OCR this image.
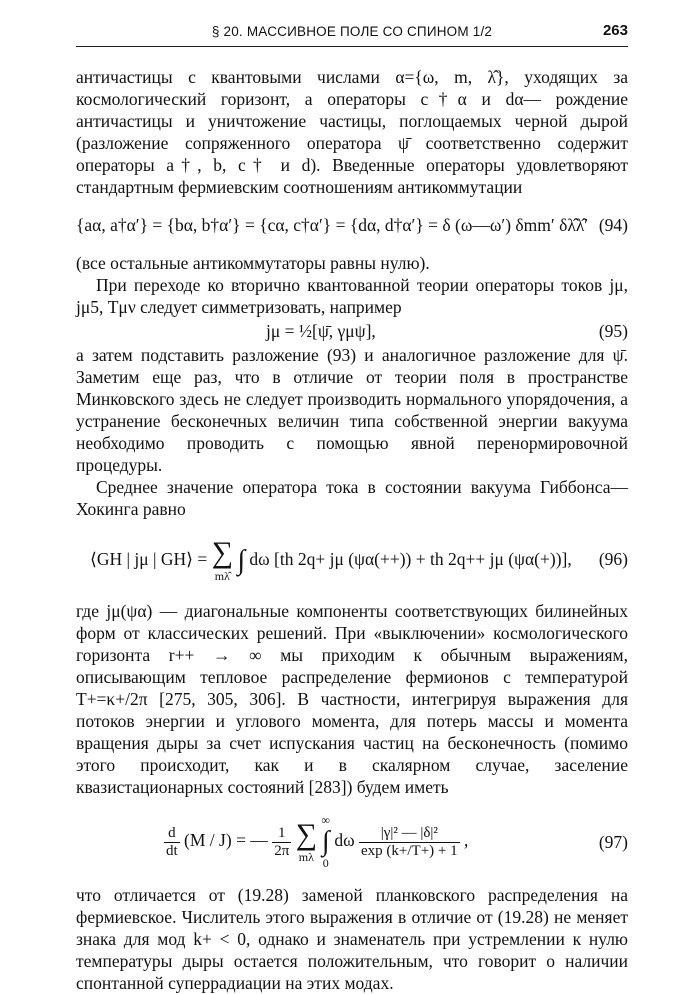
§ 20. МАССИВНОЕ ПОЛЕ СО СПИНОМ 1/2	263

античастицы с квантовыми числами α={ω, m, λ̂}, уходящих за космологический горизонт, а операторы c†α и dα— рождение античастицы и уничтожение частицы, поглощаемых черной дырой (разложение сопряженного оператора ψ̄ соответственно содержит операторы a†, b, c† и d). Введенные операторы удовлетворяют стандартным фермиевским соотношениям антикоммутации

{aα, a†α′} = {bα, b†α′} = {cα, c†α′} = {dα, d†α′} = δ (ω—ω′) δmm′ δλ̂λ̂′ (94)

(все остальные антикоммутаторы равны нулю).

При переходе ко вторично квантованной теории операторы токов jμ, jμ5, Tμν следует симметризовать, например

jμ = ½[ψ̄, γμψ],	(95)

а затем подставить разложение (93) и аналогичное разложение для ψ̄. Заметим еще раз, что в отличие от теории поля в пространстве Минковского здесь не следует производить нормального упорядочения, а устранение бесконечных величин типа собственной энергии вакуума необходимо проводить с помощью явной перенормировочной процедуры.

Среднее значение оператора тока в состоянии вакуума Гиббонса—Хокинга равно

⟨GH | jμ | GH⟩ = ∑
mλ̂ ∫ dω [th 2q+ jμ (ψα(++)) + th 2q++ jμ (ψα(+))], (96)

где jμ(ψα) — диагональные компоненты соответствующих билинейных форм от классических решений. При «выключении» космологического горизонта r++ → ∞ мы приходим к обычным выражениям, описывающим тепловое распределение фермионов с температурой T+=κ+/2π [275, 305, 306]. В частности, интегрируя выражения для потоков энергии и углового момента, для потерь массы и момента вращения дыры за счет испускания частиц на бесконечность (помимо этого происходит, как и в скалярном случае, заселение квазистационарных состояний [283]) будем иметь

$\frac{d}{dt} (M / J)$ = — $\frac{1}{2\pi}$
∑
mλ

∞
∫
0
dω $\frac{\text{|γ|² — |δ|²}}{\exp (k+/T+) + 1}$ ,	(97)

что отличается от (19.28) заменой планковского распределения на фермиевское. Числитель этого выражения в отличие от (19.28) не меняет знака для мод k+ < 0, однако и знаменатель при устремлении к нулю температуры дыры остается положительным, что говорит о наличии спонтанной суперрадиации на этих модах.
